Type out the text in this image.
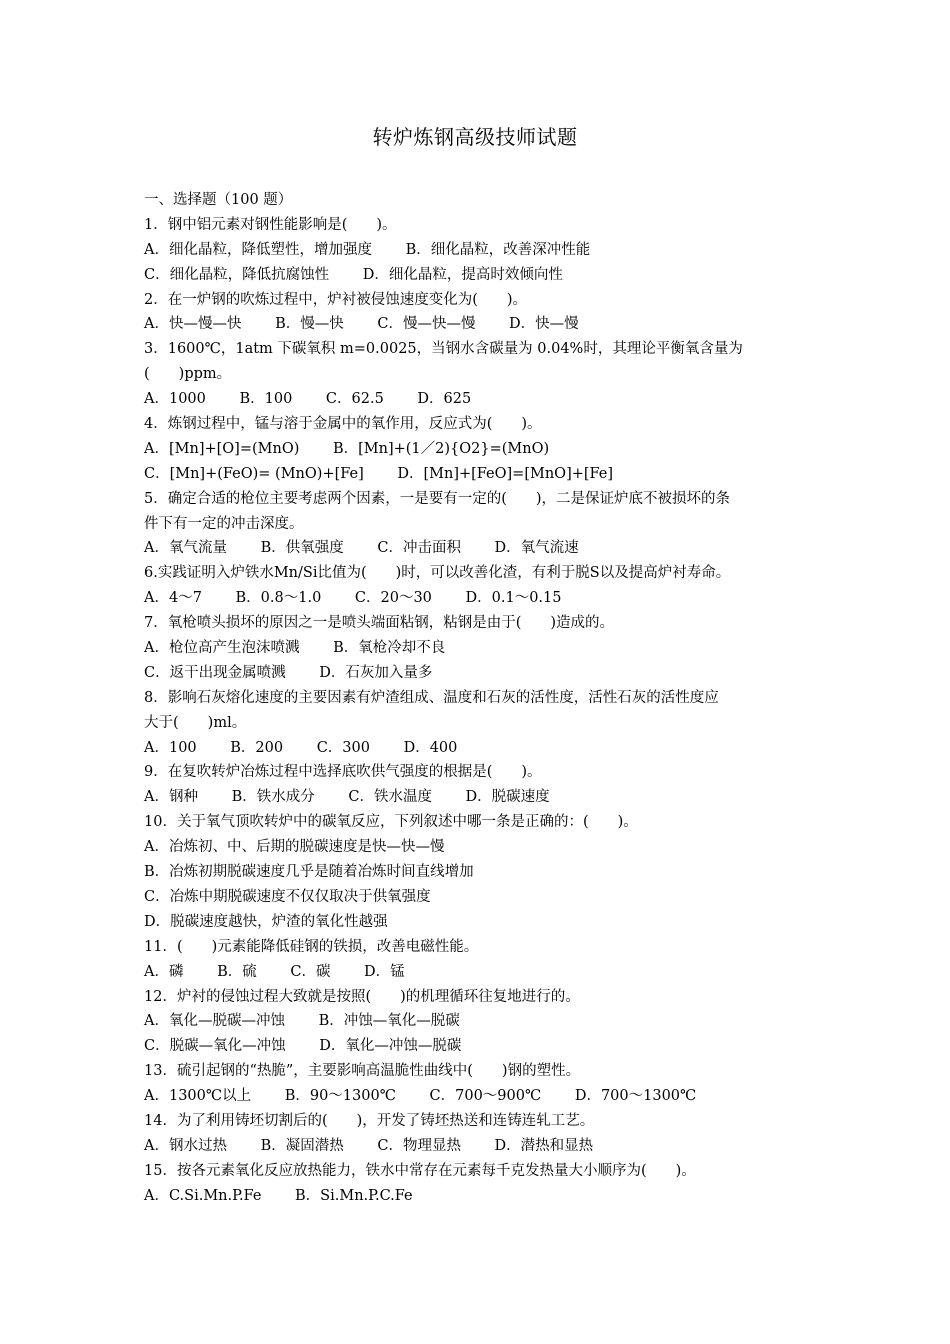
转炉炼钢高级技师试题
一、选择题（100 题）
1．钢中铝元素对钢性能影响是(　　)。
A．细化晶粒，降低塑性，增加强度　　 B．细化晶粒，改善深冲性能
C．细化晶粒，降低抗腐蚀性　　 D．细化晶粒，提高时效倾向性
2．在一炉钢的吹炼过程中，炉衬被侵蚀速度变化为(　　)。
A．快—慢—快　　 B．慢—快　　 C．慢—快—慢　　 D．快—慢
3．1600℃，1atm 下碳氧积 m=0.0025，当钢水含碳量为 0.04%时，其理论平衡氧含量为
(　　)ppm。
A．1000　　 B．100　　 C．62.5　　 D．625
4．炼钢过程中，锰与溶于金属中的氧作用，反应式为(　　)。
A．[Mn]+[O]=(MnO)　　 B．[Mn]+(1／2){O2}=(MnO)
C．[Mn]+(FeO)= (MnO)+[Fe]　　 D．[Mn]+[FeO]=[MnO]+[Fe]
5．确定合适的枪位主要考虑两个因素，一是要有一定的(　　)，二是保证炉底不被损坏的条
件下有一定的冲击深度。
A．氧气流量　　 B．供氧强度　　 C．冲击面积　　 D．氧气流速
6.实践证明入炉铁水Mn/Si比值为(　　)时，可以改善化渣，有利于脱S以及提高炉衬寿命。
A．4～7　　 B．0.8～1.0　　 C．20～30　　 D．0.1～0.15
7．氧枪喷头损坏的原因之一是喷头端面粘钢，粘钢是由于(　　)造成的。
A．枪位高产生泡沫喷溅　　 B．氧枪冷却不良
C．返干出现金属喷溅　　 D．石灰加入量多
8．影响石灰熔化速度的主要因素有炉渣组成、温度和石灰的活性度，活性石灰的活性度应
大于(　　)ml。
A．100　　 B．200　　 C．300　　 D．400
9．在复吹转炉冶炼过程中选择底吹供气强度的根据是(　　)。
A．钢种　　 B．铁水成分　　 C．铁水温度　　 D．脱碳速度
10．关于氧气顶吹转炉中的碳氧反应，下列叙述中哪一条是正确的：(　　)。
A．冶炼初、中、后期的脱碳速度是快—快—慢
B．冶炼初期脱碳速度几乎是随着冶炼时间直线增加
C．冶炼中期脱碳速度不仅仅取决于供氧强度
D．脱碳速度越快，炉渣的氧化性越强
11．(　　)元素能降低硅钢的铁损，改善电磁性能。
A．磷　　 B．硫　　 C．碳　　 D．锰
12．炉衬的侵蚀过程大致就是按照(　　)的机理循环往复地进行的。
A．氧化—脱碳—冲蚀　　 B．冲蚀—氧化—脱碳
C．脱碳—氧化—冲蚀　　 D．氧化—冲蚀—脱碳
13．硫引起钢的“热脆”，主要影响高温脆性曲线中(　　)钢的塑性。
A．1300℃以上　　 B．90～1300℃　　 C．700～900℃　　 D．700～1300℃
14．为了利用铸坯切割后的(　　)，开发了铸坯热送和连铸连轧工艺。
A．钢水过热　　 B．凝固潜热　　 C．物理显热　　 D．潜热和显热
15．按各元素氧化反应放热能力，铁水中常存在元素每千克发热量大小顺序为(　　)。
A．C.Si.Mn.P.Fe　　 B．Si.Mn.P.C.Fe
